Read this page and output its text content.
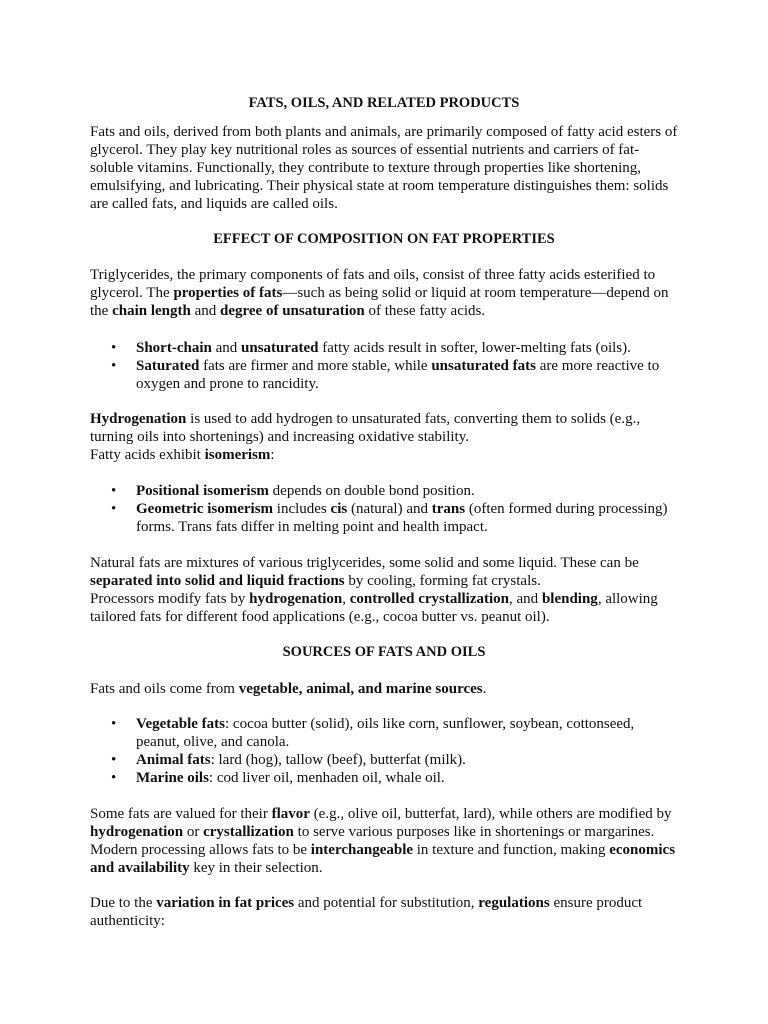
FATS, OILS, AND RELATED PRODUCTS

Fats and oils, derived from both plants and animals, are primarily composed of fatty acid esters of glycerol. They play key nutritional roles as sources of essential nutrients and carriers of fat-soluble vitamins. Functionally, they contribute to texture through properties like shortening, emulsifying, and lubricating. Their physical state at room temperature distinguishes them: solids are called fats, and liquids are called oils.

EFFECT OF COMPOSITION ON FAT PROPERTIES

Triglycerides, the primary components of fats and oils, consist of three fatty acids esterified to glycerol. The properties of fats—such as being solid or liquid at room temperature—depend on the chain length and degree of unsaturation of these fatty acids.

• Short-chain and unsaturated fatty acids result in softer, lower-melting fats (oils).
• Saturated fats are firmer and more stable, while unsaturated fats are more reactive to oxygen and prone to rancidity.

Hydrogenation is used to add hydrogen to unsaturated fats, converting them to solids (e.g., turning oils into shortenings) and increasing oxidative stability.
Fatty acids exhibit isomerism:

• Positional isomerism depends on double bond position.
• Geometric isomerism includes cis (natural) and trans (often formed during processing) forms. Trans fats differ in melting point and health impact.

Natural fats are mixtures of various triglycerides, some solid and some liquid. These can be separated into solid and liquid fractions by cooling, forming fat crystals.
Processors modify fats by hydrogenation, controlled crystallization, and blending, allowing tailored fats for different food applications (e.g., cocoa butter vs. peanut oil).

SOURCES OF FATS AND OILS

Fats and oils come from vegetable, animal, and marine sources.

• Vegetable fats: cocoa butter (solid), oils like corn, sunflower, soybean, cottonseed, peanut, olive, and canola.
• Animal fats: lard (hog), tallow (beef), butterfat (milk).
• Marine oils: cod liver oil, menhaden oil, whale oil.

Some fats are valued for their flavor (e.g., olive oil, butterfat, lard), while others are modified by hydrogenation or crystallization to serve various purposes like in shortenings or margarines.
Modern processing allows fats to be interchangeable in texture and function, making economics and availability key in their selection.

Due to the variation in fat prices and potential for substitution, regulations ensure product authenticity:
